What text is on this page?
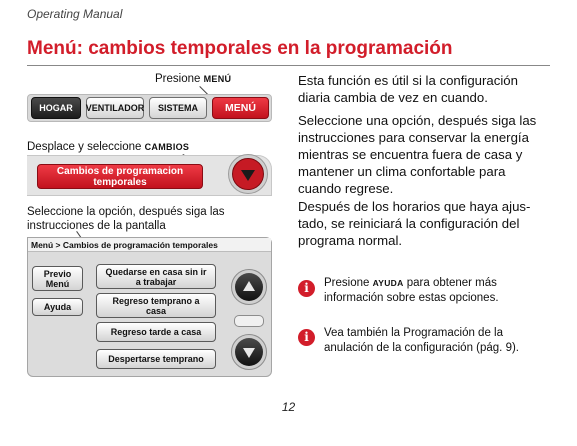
Operating Manual
Menú: cambios temporales en la programación
Presione MENÚ
HOGAR	VENTILADOR	SISTEMA	MENÚ
Desplace y seleccione CAMBIOS
Cambios de programacion
temporales
Seleccione la opción, después siga las
instrucciones de la pantalla
Menú > Cambios de programación temporales
Previo
Menú
Ayuda
Quedarse en casa sin ir
a trabajar
Regreso temprano a
casa
Regreso tarde a casa
Despertarse temprano
Esta función es útil si la configuración diaria cambia de vez en cuando.
Seleccione una opción, después siga las instrucciones para conservar la energía mientras se encuentra fuera de casa y mantener un clima confortable para cuando regrese.
Después de los horarios que haya ajus-tado, se reiniciará la configuración del programa normal.
i	Presione AYUDA para obtener más información sobre estas opciones.
i	Vea también la Programación de la anulación de la configuración (pág. 9).
12
